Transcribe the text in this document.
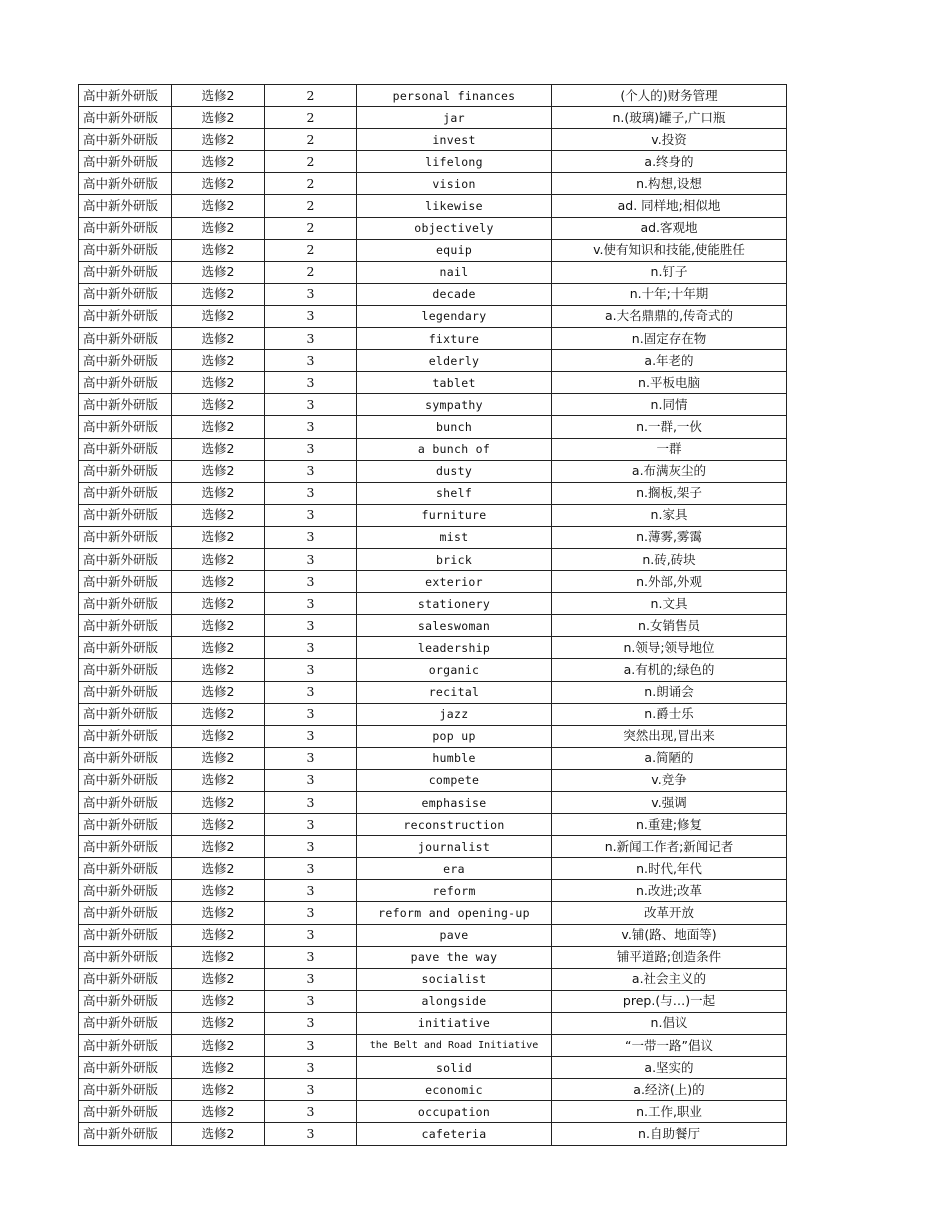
高中新外研版	选修2	2	personal finances	(个人的)财务管理
高中新外研版	选修2	2	jar	n.(玻璃)罐子,广口瓶
高中新外研版	选修2	2	invest	v.投资
高中新外研版	选修2	2	lifelong	a.终身的
高中新外研版	选修2	2	vision	n.构想,设想
高中新外研版	选修2	2	likewise	ad. 同样地;相似地
高中新外研版	选修2	2	objectively	ad.客观地
高中新外研版	选修2	2	equip	v.使有知识和技能,使能胜任
高中新外研版	选修2	2	nail	n.钉子
高中新外研版	选修2	3	decade	n.十年;十年期
高中新外研版	选修2	3	legendary	a.大名鼎鼎的,传奇式的
高中新外研版	选修2	3	fixture	n.固定存在物
高中新外研版	选修2	3	elderly	a.年老的
高中新外研版	选修2	3	tablet	n.平板电脑
高中新外研版	选修2	3	sympathy	n.同情
高中新外研版	选修2	3	bunch	n.一群,一伙
高中新外研版	选修2	3	a bunch of	一群
高中新外研版	选修2	3	dusty	a.布满灰尘的
高中新外研版	选修2	3	shelf	n.搁板,架子
高中新外研版	选修2	3	furniture	n.家具
高中新外研版	选修2	3	mist	n.薄雾,雾霭
高中新外研版	选修2	3	brick	n.砖,砖块
高中新外研版	选修2	3	exterior	n.外部,外观
高中新外研版	选修2	3	stationery	n.文具
高中新外研版	选修2	3	saleswoman	n.女销售员
高中新外研版	选修2	3	leadership	n.领导;领导地位
高中新外研版	选修2	3	organic	a.有机的;绿色的
高中新外研版	选修2	3	recital	n.朗诵会
高中新外研版	选修2	3	jazz	n.爵士乐
高中新外研版	选修2	3	pop up	突然出现,冒出来
高中新外研版	选修2	3	humble	a.简陋的
高中新外研版	选修2	3	compete	v.竞争
高中新外研版	选修2	3	emphasise	v.强调
高中新外研版	选修2	3	reconstruction	n.重建;修复
高中新外研版	选修2	3	journalist	n.新闻工作者;新闻记者
高中新外研版	选修2	3	era	n.时代,年代
高中新外研版	选修2	3	reform	n.改进;改革
高中新外研版	选修2	3	reform and opening-up	改革开放
高中新外研版	选修2	3	pave	v.铺(路、地面等)
高中新外研版	选修2	3	pave the way	铺平道路;创造条件
高中新外研版	选修2	3	socialist	a.社会主义的
高中新外研版	选修2	3	alongside	prep.(与…)一起
高中新外研版	选修2	3	initiative	n.倡议
高中新外研版	选修2	3	the Belt and Road Initiative	“一带一路”倡议
高中新外研版	选修2	3	solid	a.坚实的
高中新外研版	选修2	3	economic	a.经济(上)的
高中新外研版	选修2	3	occupation	n.工作,职业
高中新外研版	选修2	3	cafeteria	n.自助餐厅
